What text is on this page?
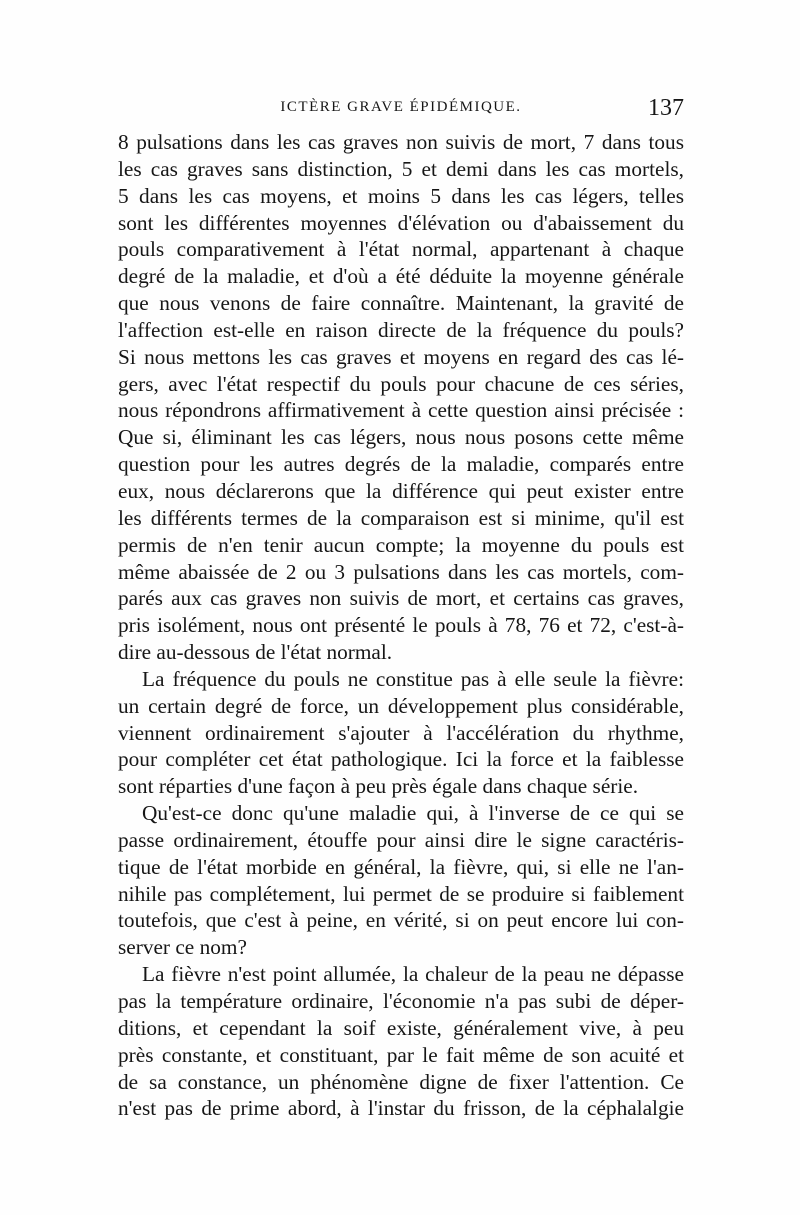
ICTÈRE GRAVE ÉPIDÉMIQUE.	137
8 pulsations dans les cas graves non suivis de mort, 7 dans tous
les cas graves sans distinction, 5 et demi dans les cas mortels,
5 dans les cas moyens, et moins 5 dans les cas légers, telles
sont les différentes moyennes d'élévation ou d'abaissement du
pouls comparativement à l'état normal, appartenant à chaque
degré de la maladie, et d'où a été déduite la moyenne générale
que nous venons de faire connaître. Maintenant, la gravité de
l'affection est-elle en raison directe de la fréquence du pouls?
Si nous mettons les cas graves et moyens en regard des cas lé-
gers, avec l'état respectif du pouls pour chacune de ces séries,
nous répondrons affirmativement à cette question ainsi précisée :
Que si, éliminant les cas légers, nous nous posons cette même
question pour les autres degrés de la maladie, comparés entre
eux, nous déclarerons que la différence qui peut exister entre
les différents termes de la comparaison est si minime, qu'il est
permis de n'en tenir aucun compte; la moyenne du pouls est
même abaissée de 2 ou 3 pulsations dans les cas mortels, com-
parés aux cas graves non suivis de mort, et certains cas graves,
pris isolément, nous ont présenté le pouls à 78, 76 et 72, c'est-à-
dire au-dessous de l'état normal.
La fréquence du pouls ne constitue pas à elle seule la fièvre:
un certain degré de force, un développement plus considérable,
viennent ordinairement s'ajouter à l'accélération du rhythme,
pour compléter cet état pathologique. Ici la force et la faiblesse
sont réparties d'une façon à peu près égale dans chaque série.
Qu'est-ce donc qu'une maladie qui, à l'inverse de ce qui se
passe ordinairement, étouffe pour ainsi dire le signe caractéris-
tique de l'état morbide en général, la fièvre, qui, si elle ne l'an-
nihile pas complétement, lui permet de se produire si faiblement
toutefois, que c'est à peine, en vérité, si on peut encore lui con-
server ce nom?
La fièvre n'est point allumée, la chaleur de la peau ne dépasse
pas la température ordinaire, l'économie n'a pas subi de déper-
ditions, et cependant la soif existe, généralement vive, à peu
près constante, et constituant, par le fait même de son acuité et
de sa constance, un phénomène digne de fixer l'attention. Ce
n'est pas de prime abord, à l'instar du frisson, de la céphalalgie
